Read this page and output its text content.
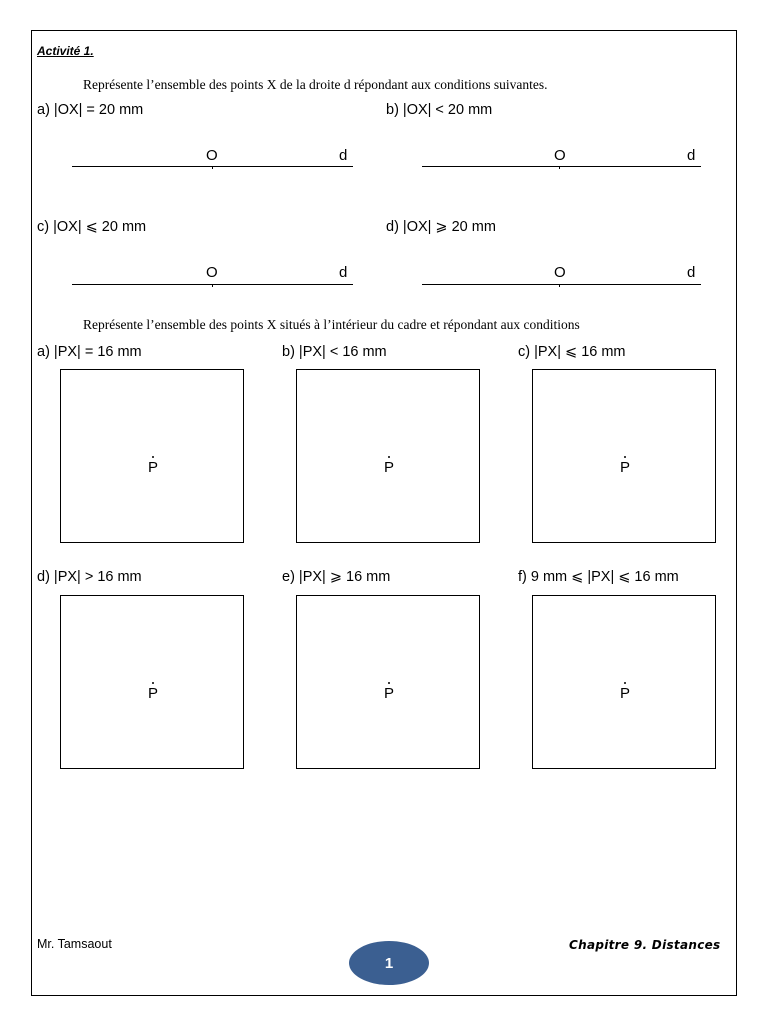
Activité 1.
Représente l’ensemble des points X de la droite d répondant aux conditions suivantes.
a) |OX| = 20 mm
O	d
b) |OX| < 20 mm
O	d
c) |OX| ⩽ 20 mm
O	d
d) |OX| ⩾ 20 mm
O	d
Représente l’ensemble des points X situés à l’intérieur du cadre et répondant aux conditions
a) |PX| = 16 mm
P
b) |PX| < 16 mm
P
c) |PX| ⩽ 16 mm
P
d) |PX| > 16 mm
P
e) |PX| ⩾ 16 mm
P
f) 9 mm ⩽ |PX| ⩽ 16 mm
P
Mr. Tamsaout	Chapitre 9. Distances
1
